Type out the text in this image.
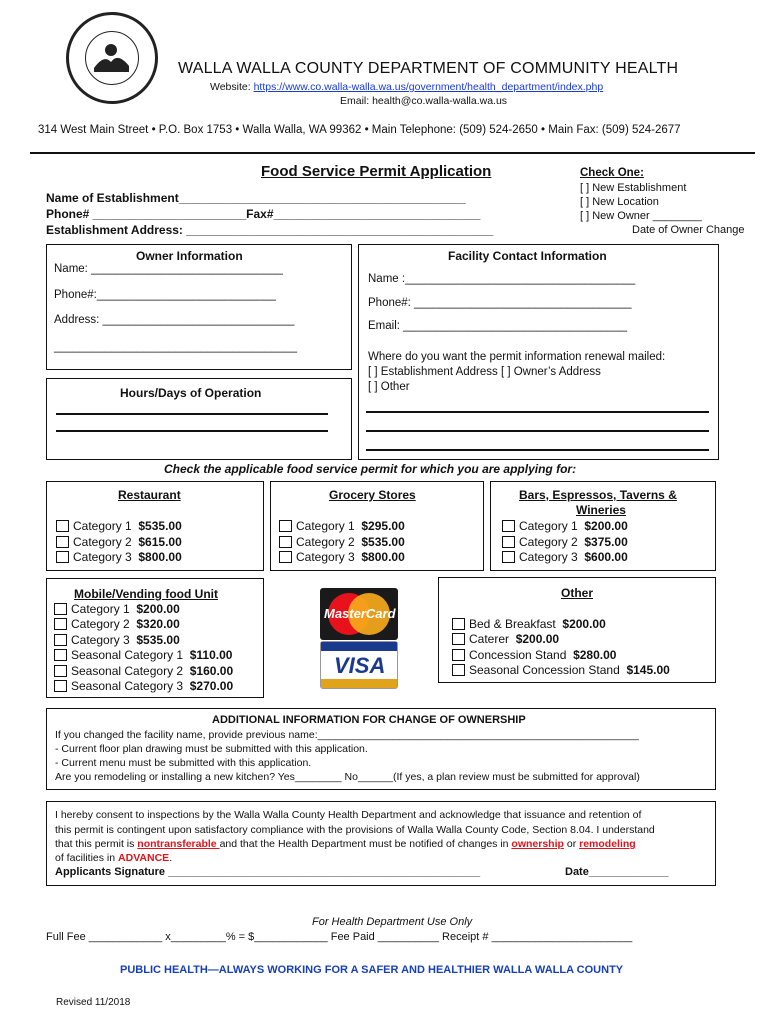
WALLA WALLA COUNTY DEPARTMENT OF COMMUNITY HEALTH
Website: https://www.co.walla-walla.wa.us/government/health_department/index.php
Email: health@co.walla-walla.wa.us
314 West Main Street • P.O. Box 1753 • Walla Walla, WA 99362 • Main Telephone: (509) 524-2650 • Main Fax: (509) 524-2677
Food Service Permit Application	Check One:
[ ] New Establishment
[ ] New Location
[ ] New Owner ________
Date of Owner Change
Name of Establishment___________________________________________
Phone# _______________________Fax#_______________________________
Establishment Address: ______________________________________________
Owner Information
Name: ______________________________
Phone#:____________________________
Address: ______________________________
______________________________________
Hours/Days of Operation
Facility Contact Information
Name :____________________________________
Phone#: __________________________________
Email: ___________________________________
Where do you want the permit information renewal mailed:
[ ] Establishment Address [ ] Owner’s Address
[ ] Other
Check the applicable food service permit for which you are applying for:
Restaurant
Category 1 $535.00
Category 2 $615.00
Category 3 $800.00
Grocery Stores
Category 1 $295.00
Category 2 $535.00
Category 3 $800.00
Bars, Espressos, Taverns &
Wineries
Category 1 $200.00
Category 2 $375.00
Category 3 $600.00
Mobile/Vending food Unit
Category 1 $200.00
Category 2 $320.00
Category 3 $535.00
Seasonal Category 1 $110.00
Seasonal Category 2 $160.00
Seasonal Category 3 $270.00
MasterCard
VISA
Other
Bed & Breakfast $200.00
Caterer $200.00
Concession Stand $280.00
Seasonal Concession Stand $145.00
ADDITIONAL INFORMATION FOR CHANGE OF OWNERSHIP
If you changed the facility name, provide previous name:_______________________________________________________
- Current floor plan drawing must be submitted with this application.
- Current menu must be submitted with this application.
Are you remodeling or installing a new kitchen? Yes________ No______(If yes, a plan review must be submitted for approval)
I hereby consent to inspections by the Walla Walla County Health Department and acknowledge that issuance and retention of
this permit is contingent upon satisfactory compliance with the provisions of Walla Walla County Code, Section 8.04. I understand
that this permit is nontransferable and that the Health Department must be notified of changes in ownership or remodeling
of facilities in ADVANCE.
Applicants Signature ___________________________________________________	Date_____________
For Health Department Use Only
Full Fee ____________ x_________% = $____________ Fee Paid __________ Receipt # _______________________
PUBLIC HEALTH—ALWAYS WORKING FOR A SAFER AND HEALTHIER WALLA WALLA COUNTY
Revised 11/2018
